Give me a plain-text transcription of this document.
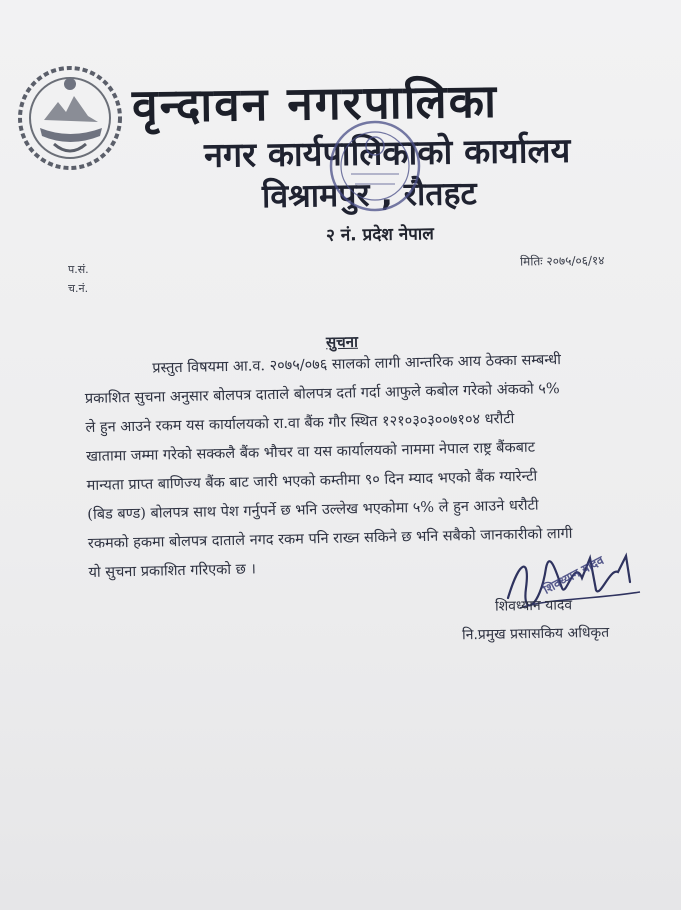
वृन्दावन नगरपालिका
नगर कार्यपालिकाको कार्यालय
विश्रामपुर , रौतहट
२ नं. प्रदेश नेपाल
प.सं.
च.नं.
मितिः २०७५/०६/१४
सुचना
प्रस्तुत विषयमा आ.व. २०७५/०७६ सालको लागी आन्तरिक आय ठेक्का सम्बन्धी
प्रकाशित सुचना अनुसार बोलपत्र दाताले बोलपत्र दर्ता गर्दा आफुले कबोल गरेको अंकको ५%
ले हुन आउने रकम यस कार्यालयको रा.वा बैंक गौर स्थित १२१०३०३००७१०४ धरौटी
खातामा जम्मा गरेको सक्कलै बैंक भौचर वा यस कार्यालयको नाममा नेपाल राष्ट्र बैंकबाट
मान्यता प्राप्त बाणिज्य बैंक बाट जारी भएको कम्तीमा ९० दिन म्याद भएको बैंक ग्यारेन्टी
(बिड बण्ड) बोलपत्र साथ पेश गर्नुपर्ने छ भनि उल्लेख भएकोमा ५% ले हुन आउने धरौटी
रकमको हकमा बोलपत्र दाताले नगद रकम पनि राख्न सकिने छ भनि सबैको जानकारीको लागी
यो सुचना प्रकाशित गरिएको छ ।	शिवध्यान यादव
शिवध्यान यादव
नि.प्रमुख प्रसासकिय अधिकृत
